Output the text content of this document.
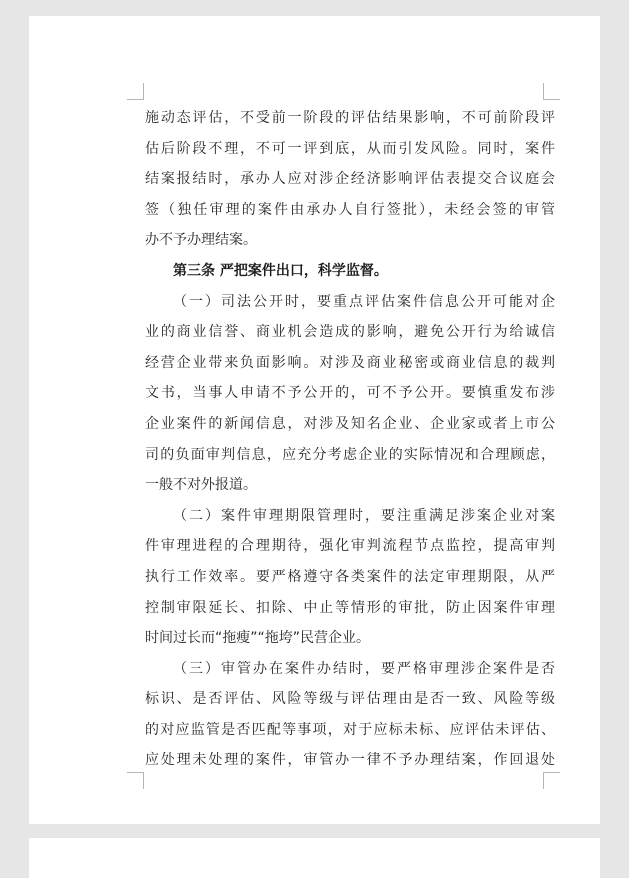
施动态评估，不受前一阶段的评估结果影响，不可前阶段评
估后阶段不理，不可一评到底，从而引发风险。同时，案件
结案报结时，承办人应对涉企经济影响评估表提交合议庭会
签（独任审理的案件由承办人自行签批），未经会签的审管
办不予办理结案。
第三条 严把案件出口，科学监督。
（一）司法公开时，要重点评估案件信息公开可能对企
业的商业信誉、商业机会造成的影响，避免公开行为给诚信
经营企业带来负面影响。对涉及商业秘密或商业信息的裁判
文书，当事人申请不予公开的，可不予公开。要慎重发布涉
企业案件的新闻信息，对涉及知名企业、企业家或者上市公
司的负面审判信息，应充分考虑企业的实际情况和合理顾虑，
一般不对外报道。
（二）案件审理期限管理时，要注重满足涉案企业对案
件审理进程的合理期待，强化审判流程节点监控，提高审判
执行工作效率。要严格遵守各类案件的法定审理期限，从严
控制审限延长、扣除、中止等情形的审批，防止因案件审理
时间过长而“拖瘦”“拖垮”民营企业。
（三）审管办在案件办结时，要严格审理涉企案件是否
标识、是否评估、风险等级与评估理由是否一致、风险等级
的对应监管是否匹配等事项，对于应标未标、应评估未评估、
应处理未处理的案件，审管办一律不予办理结案，作回退处
